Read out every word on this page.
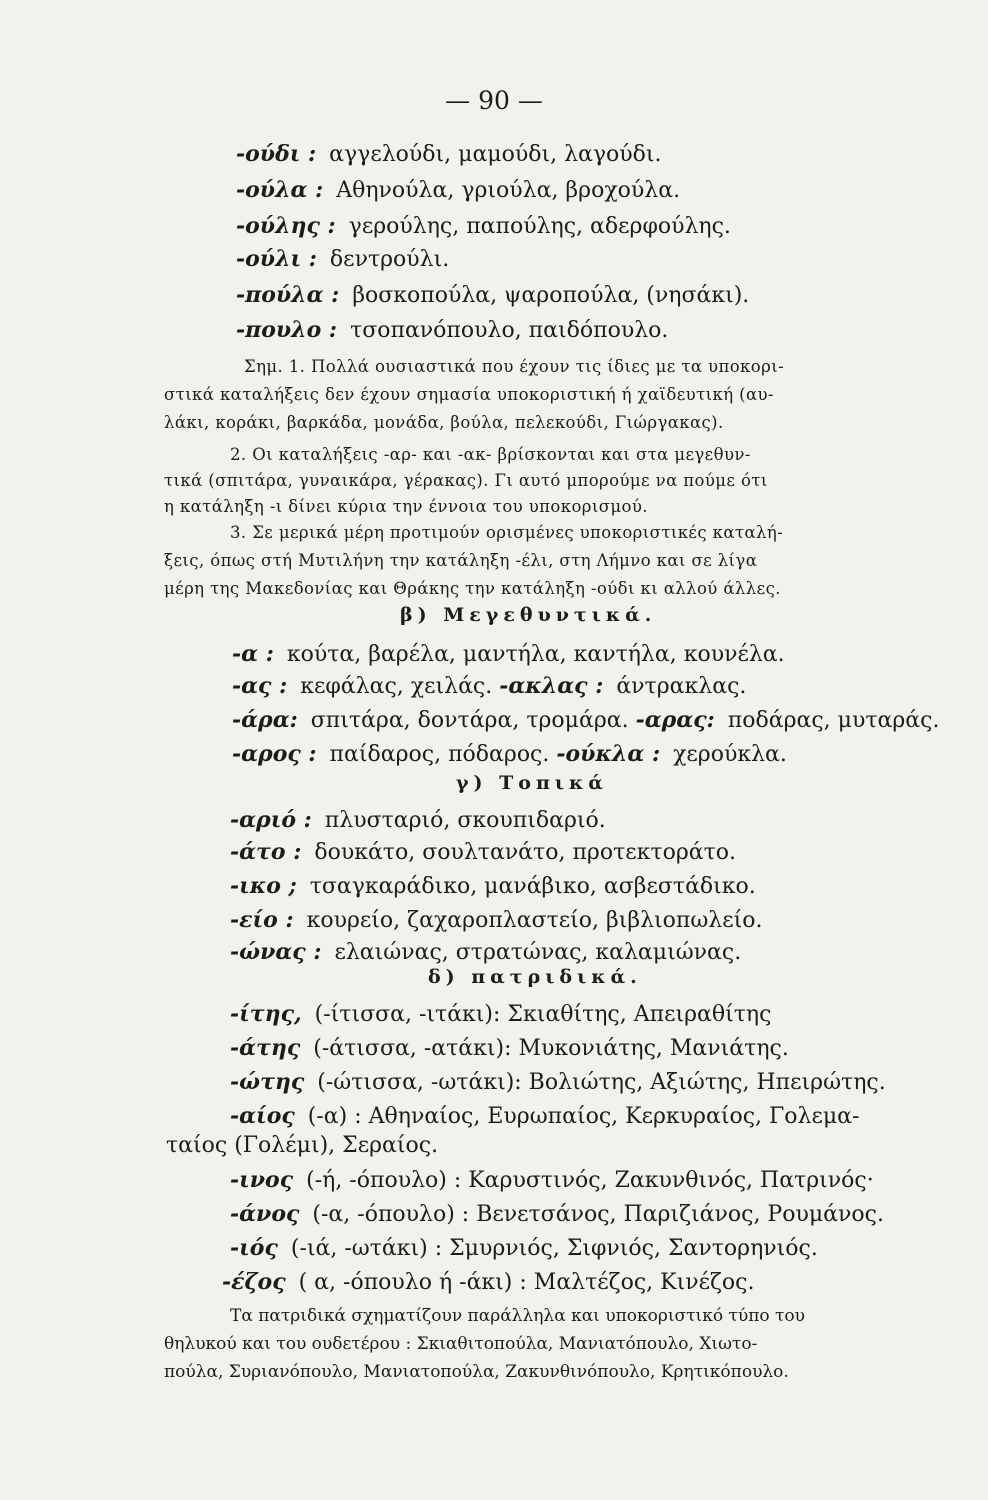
— 90 —
-ούδι : αγγελούδι, μαμούδι, λαγούδι.
-ούλα : Αθηνούλα, γριούλα, βροχούλα.
-ούλης : γερούλης, παπούλης, αδερφούλης.
-ούλι : δεντρούλι.
-πούλα : βοσκοπούλα, ψαροπούλα, (νησάκι).
-πουλο : τσοπανόπουλο, παιδόπουλο.
Σημ. 1. Πολλά ουσιαστικά που έχουν τις ίδιες με τα υποκορι-
στικά καταλήξεις δεν έχουν σημασία υποκοριστική ή χαϊδευτική (αυ-
λάκι, κοράκι, βαρκάδα, μονάδα, βούλα, πελεκούδι, Γιώργακας).
2. Οι καταλήξεις -αρ- και -ακ- βρίσκονται και στα μεγεθυν-
τικά (σπιτάρα, γυναικάρα, γέρακας). Γι αυτό μπορούμε να πούμε ότι
η κατάληξη -ι δίνει κύρια την έννοια του υποκορισμού.
3. Σε μερικά μέρη προτιμούν ορισμένες υποκοριστικές καταλή-
ξεις, όπως στή Μυτιλήνη την κατάληξη -έλι, στη Λήμνο και σε λίγα
μέρη της Μακεδονίας και Θράκης την κατάληξη -ούδι κι αλλού άλλες.
β) Μεγεθυντικά.
-α : κούτα, βαρέλα, μαντήλα, καντήλα, κουνέλα.
-ας : κεφάλας, χειλάς. -ακλας : άντρακλας.
-άρα: σπιτάρα, δοντάρα, τρομάρα. -αρας: ποδάρας, μυταράς.
-αρος : παίδαρος, πόδαρος. -ούκλα : χερούκλα.
γ) Τοπικά
-αριό : πλυσταριό, σκουπιδαριό.
-άτο : δουκάτο, σουλτανάτο, προτεκτοράτο.
-ικο ; τσαγκαράδικο, μανάβικο, ασβεστάδικο.
-είο : κουρείο, ζαχαροπλαστείο, βιβλιοπωλείο.
-ώνας : ελαιώνας, στρατώνας, καλαμιώνας.
δ) πατριδικά.
-ίτης, (-ίτισσα, -ιτάκι): Σκιαθίτης, Απειραθίτης
-άτης (-άτισσα, -ατάκι): Μυκονιάτης, Μανιάτης.
-ώτης (-ώτισσα, -ωτάκι): Βολιώτης, Αξιώτης, Ηπειρώτης.
-αίος (-α) : Αθηναίος, Ευρωπαίος, Κερκυραίος, Γολεμα-
ταίος (Γολέμι), Σεραίος.
-ινος (-ή, -όπουλο) : Καρυστινός, Ζακυνθινός, Πατρινός·
-άνος (-α, -όπουλο) : Βενετσάνος, Παριζιάνος, Ρουμάνος.
-ιός (-ιά, -ωτάκι) : Σμυρνιός, Σιφνιός, Σαντορηνιός.
-έζος ( α, -όπουλο ή -άκι) : Μαλτέζος, Κινέζος.
Τα πατριδικά σχηματίζουν παράλληλα και υποκοριστικό τύπο του
θηλυκού και του ουδετέρου : Σκιαθιτοπούλα, Μανιατόπουλο, Χιωτο-
πούλα, Συριανόπουλο, Μανιατοπούλα, Ζακυνθινόπουλο, Κρητικόπουλο.
